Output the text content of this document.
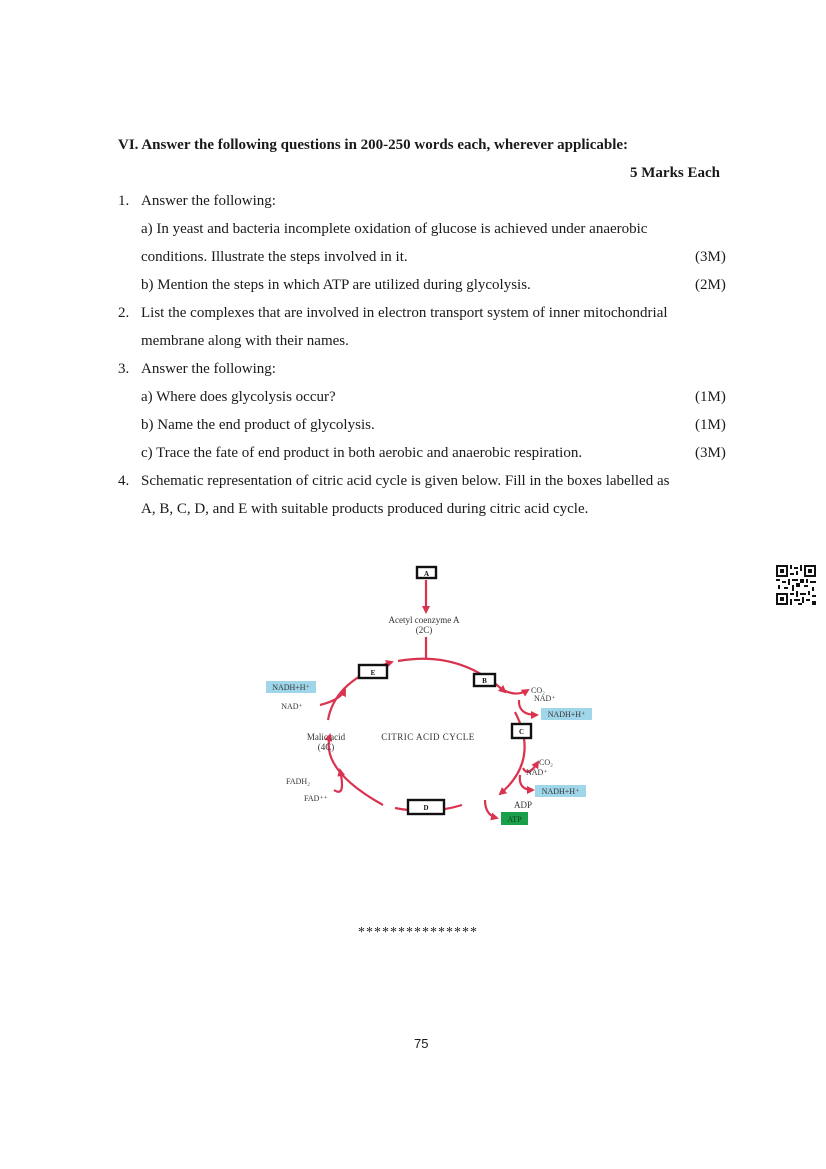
VI. Answer the following questions in 200-250 words each, wherever applicable:
5 Marks Each
1. Answer the following:
a) In yeast and bacteria incomplete oxidation of glucose is achieved under anaerobic
conditions. Illustrate the steps involved in it.	(3M)
b) Mention the steps in which ATP are utilized during glycolysis.	(2M)
2. List the complexes that are involved in electron transport system of inner mitochondrial
membrane along with their names.
3. Answer the following:
a) Where does glycolysis occur?	(1M)
b) Name the end product of glycolysis.	(1M)
c) Trace the fate of end product in both aerobic and anaerobic respiration.	(3M)
4. Schematic representation of citric acid cycle is given below. Fill in the boxes labelled as
A, B, C, D, and E with suitable products produced during citric acid cycle.
A
E
B
C
D
Acetyl coenzyme A
(2C)
CITRIC ACID CYCLE
Malic acid
(4C)
NADH+H⁺
NAD⁺
CO₂
NAD⁺
NADH+H⁺
CO₂
NAD⁺
NADH+H⁺
ADP
ATP
FADH₂
FAD⁺⁺
***************
75
